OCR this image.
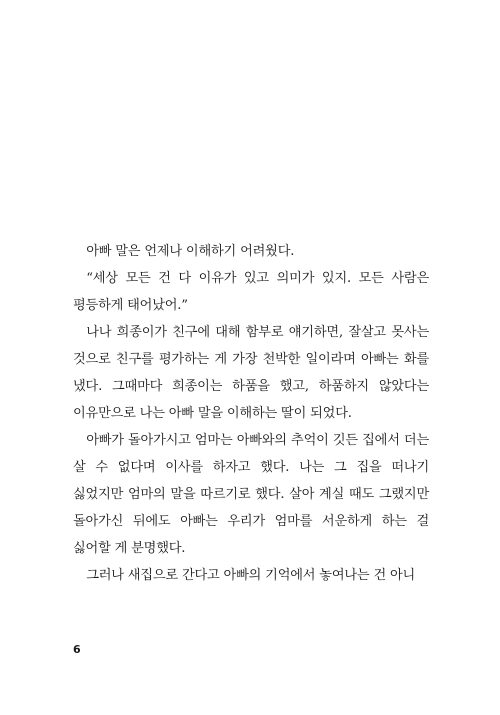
아빠 말은 언제나 이해하기 어려웠다.

“세상 모든 건 다 이유가 있고 의미가 있지. 모든 사람은 평등하게 태어났어.”

나나 희종이가 친구에 대해 함부로 얘기하면, 잘살고 못사는 것으로 친구를 평가하는 게 가장 천박한 일이라며 아빠는 화를 냈다. 그때마다 희종이는 하품을 했고, 하품하지 않았다는 이유만으로 나는 아빠 말을 이해하는 딸이 되었다.

아빠가 돌아가시고 엄마는 아빠와의 추억이 깃든 집에서 더는 살 수 없다며 이사를 하자고 했다. 나는 그 집을 떠나기 싫었지만 엄마의 말을 따르기로 했다. 살아 계실 때도 그랬지만 돌아가신 뒤에도 아빠는 우리가 엄마를 서운하게 하는 걸 싫어할 게 분명했다.

그러나 새집으로 간다고 아빠의 기억에서 놓여나는 건 아니

6
